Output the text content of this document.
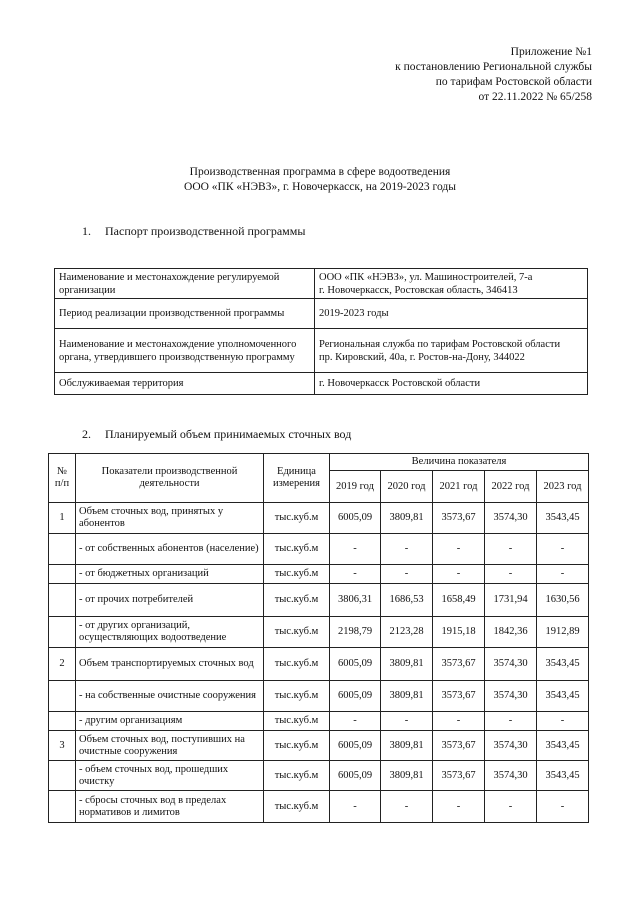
Приложение №1
к постановлению Региональной службы
по тарифам Ростовской области
от 22.11.2022 № 65/258
Производственная программа в сфере водоотведения
ООО «ПК «НЭВЗ», г. Новочеркасск, на 2019-2023 годы
1. Паспорт производственной программы
Наименование и местонахождение регулируемой организации	ООО «ПК «НЭВЗ», ул. Машиностроителей, 7-а
г. Новочеркасск, Ростовская область, 346413
Период реализации производственной программы	2019-2023 годы
Наименование и местонахождение уполномоченного органа, утвердившего производственную программу	Региональная служба по тарифам Ростовской области
пр. Кировский, 40а, г. Ростов-на-Дону, 344022
Обслуживаемая территория	г. Новочеркасск Ростовской области
2. Планируемый объем принимаемых сточных вод
№ п/п	Показатели производственной деятельности	Единица измерения	Величина показателя				
			2019 год	2020 год	2021 год	2022 год	2023 год
1	Объем сточных вод, принятых у абонентов	тыс.куб.м	6005,09	3809,81	3573,67	3574,30	3543,45
	- от собственных абонентов (население)	тыс.куб.м	-	-	-	-	-
	- от бюджетных организаций	тыс.куб.м	-	-	-	-	-
	- от прочих потребителей	тыс.куб.м	3806,31	1686,53	1658,49	1731,94	1630,56
	- от других организаций, осуществляющих водоотведение	тыс.куб.м	2198,79	2123,28	1915,18	1842,36	1912,89
2	Объем транспортируемых сточных вод	тыс.куб.м	6005,09	3809,81	3573,67	3574,30	3543,45
	- на собственные очистные сооружения	тыс.куб.м	6005,09	3809,81	3573,67	3574,30	3543,45
	- другим организациям	тыс.куб.м	-	-	-	-	-
3	Объем сточных вод, поступивших на очистные сооружения	тыс.куб.м	6005,09	3809,81	3573,67	3574,30	3543,45
	- объем сточных вод, прошедших очистку	тыс.куб.м	6005,09	3809,81	3573,67	3574,30	3543,45
	- сбросы сточных вод в пределах нормативов и лимитов	тыс.куб.м	-	-	-	-	-
